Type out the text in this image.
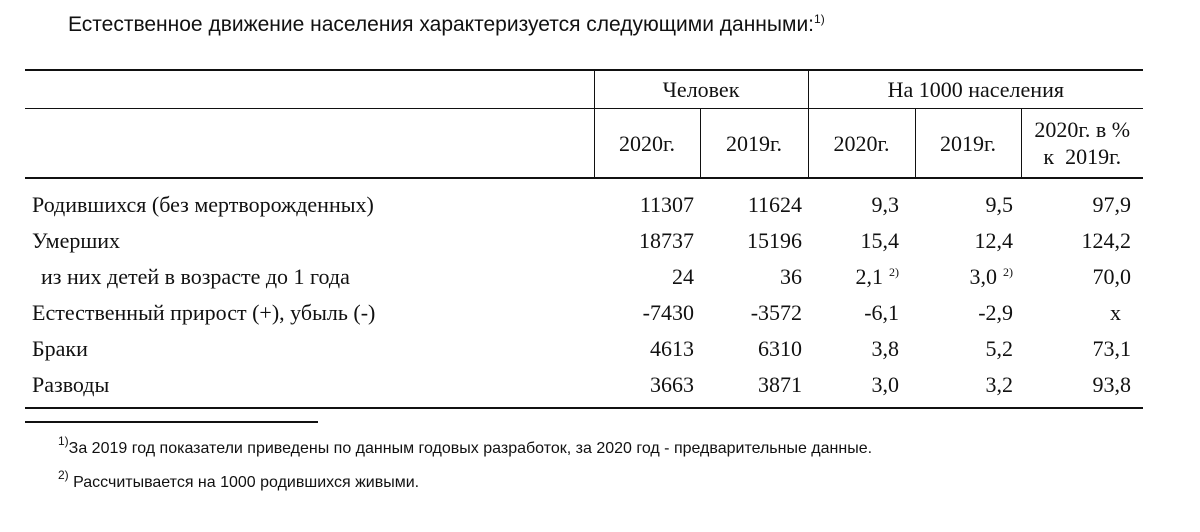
Естественное движение населения характеризуется следующими данными:$^{1)}$
	Человек		На 1000 населения		
	2020г.	2019г.	2020г.	2019г.	2020г. в %
к  2019г.

Родившихся (без мертворожденных)	11307	11624	9,3	9,5	97,9
Умерших	18737	15196	15,4	12,4	124,2
из них детей в возрасте до 1 года	24	36	2,1 $^{2)}$	3,0 $^{2)}$	70,0
Естественный прирост (+), убыль (-)	-7430	-3572	-6,1	-2,9	х
Браки	4613	6310	3,8	5,2	73,1
Разводы	3663	3871	3,0	3,2	93,8
$^{1)}$За 2019 год показатели приведены по данным годовых разработок, за 2020 год - предварительные данные.
$^{2)}$ Рассчитывается на 1000 родившихся живыми.
